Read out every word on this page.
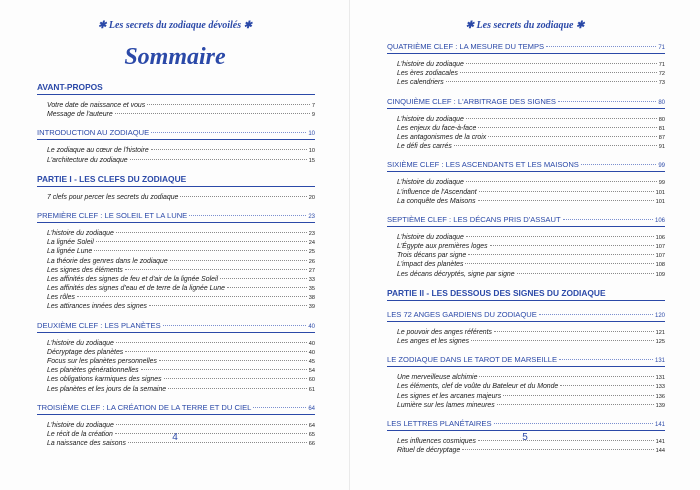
✱ Les secrets du zodiaque dévoilés ✱
Sommaire
AVANT-PROPOS
Votre date de naissance et vous	7
Message de l'auteure	9
INTRODUCTION AU ZODIAQUE	10
Le zodiaque au cœur de l'histoire	10
L'architecture du zodiaque	15
PARTIE I - LES CLEFS DU ZODIAQUE
7 clefs pour percer les secrets du zodiaque	20
PREMIÈRE CLEF : LE SOLEIL ET LA LUNE	23
L'histoire du zodiaque	23
La lignée Soleil	24
La lignée Lune	25
La théorie des genres dans le zodiaque	26
Les signes des éléments	27
Les affinités des signes de feu et d'air de la lignée Soleil	33
Les affinités des signes d'eau et de terre de la lignée Lune	35
Les rôles	38
Les attirances innées des signes	39
DEUXIÈME CLEF : LES PLANÈTES	40
L'histoire du zodiaque	40
Décryptage des planètes	40
Focus sur les planètes personnelles	45
Les planètes générationnelles	54
Les obligations karmiques des signes	60
Les planètes et les jours de la semaine	61
TROISIÈME CLEF : LA CRÉATION DE LA TERRE ET DU CIEL	64
L'histoire du zodiaque	64
Le récit de la création	65
La naissance des saisons	66
4
✱ Les secrets du zodiaque ✱
QUATRIÈME CLEF : LA MESURE DU TEMPS	71
L'histoire du zodiaque	71
Les ères zodiacales	72
Les calendriers	73
CINQUIÈME CLEF : L'ARBITRAGE DES SIGNES	80
L'histoire du zodiaque	80
Les enjeux du face-à-face	81
Les antagonismes de la croix	87
Le défi des carrés	91
SIXIÈME CLEF : LES ASCENDANTS ET LES MAISONS	99
L'histoire du zodiaque	99
L'influence de l'Ascendant	101
La conquête des Maisons	101
SEPTIÈME CLEF : LES DÉCANS PRIS D'ASSAUT	106
L'histoire du zodiaque	106
L'Égypte aux premières loges	107
Trois décans par signe	107
L'impact des planètes	108
Les décans décryptés, signe par signe	109
PARTIE II - LES DESSOUS DES SIGNES DU ZODIAQUE
LES 72 ANGES GARDIENS DU ZODIAQUE	120
Le pouvoir des anges référents	121
Les anges et les signes	125
LE ZODIAQUE DANS LE TAROT DE MARSEILLE	131
Une merveilleuse alchimie	131
Les éléments, clef de voûte du Bateleur et du Monde	133
Les signes et les arcanes majeurs	136
Lumière sur les lames mineures	139
LES LETTRES PLANÉTAIRES	141
Les influences cosmiques	141
Rituel de décryptage	144
5
